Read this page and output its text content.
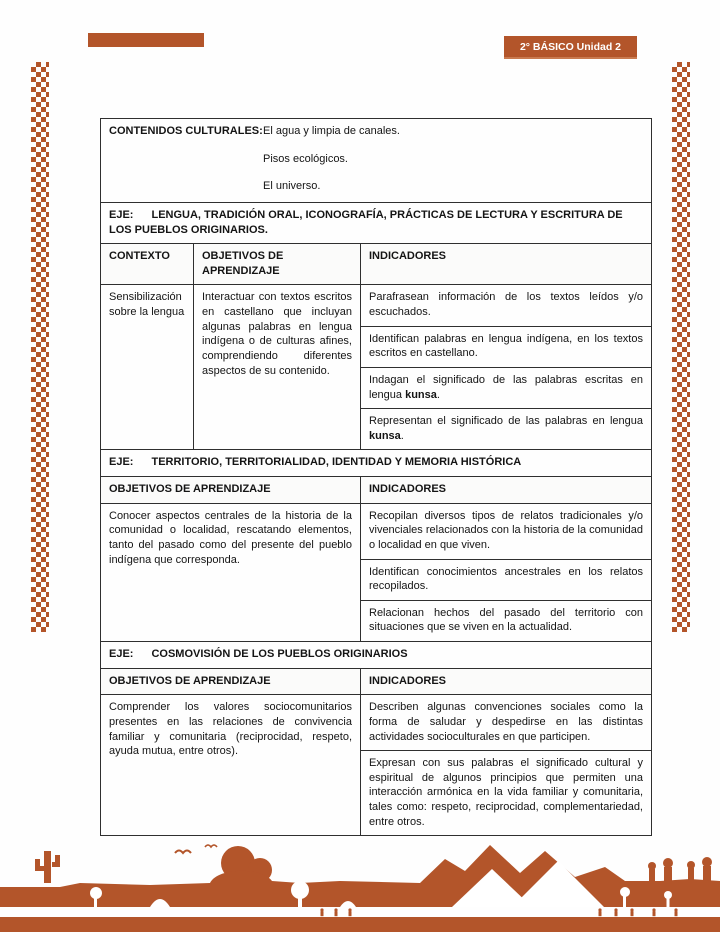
2° BÁSICO Unidad 2
CONTENIDOS CULTURALES: El agua y limpia de canales.
Pisos ecológicos.
El universo.		

EJE: LENGUA, TRADICIÓN ORAL, ICONOGRAFÍA, PRÁCTICAS DE LECTURA Y ESCRITURA DE LOS PUEBLOS ORIGINARIOS.		
CONTEXTO	OBJETIVOS DE APRENDIZAJE	INDICADORES
Sensibilización sobre la lengua	Interactuar con textos escritos en castellano que incluyan algunas palabras en lengua indígena o de culturas afines, comprendiendo diferentes aspectos de su contenido.	Parafrasean información de los textos leídos y/o escuchados.
		Identifican palabras en lengua indígena, en los textos escritos en castellano.
		Indagan el significado de las palabras escritas en lengua kunsa.
		Representan el significado de las palabras en lengua kunsa.
EJE: TERRITORIO, TERRITORIALIDAD, IDENTIDAD Y MEMORIA HISTÓRICA		
OBJETIVOS DE APRENDIZAJE		INDICADORES
Conocer aspectos centrales de la historia de la comunidad o localidad, rescatando elementos, tanto del pasado como del presente del pueblo indígena que corresponda.		Recopilan diversos tipos de relatos tradicionales y/o vivenciales relacionados con la historia de la comunidad o localidad en que viven.
		Identifican conocimientos ancestrales en los relatos recopilados.
		Relacionan hechos del pasado del territorio con situaciones que se viven en la actualidad.
EJE: COSMOVISIÓN DE LOS PUEBLOS ORIGINARIOS		
OBJETIVOS DE APRENDIZAJE		INDICADORES
Comprender los valores sociocomunitarios presentes en las relaciones de convivencia familiar y comunitaria (reciprocidad, respeto, ayuda mutua, entre otros).		Describen algunas convenciones sociales como la forma de saludar y despedirse en las distintas actividades socioculturales en que participen.
		Expresan con sus palabras el significado cultural y espiritual de algunos principios que permiten una interacción armónica en la vida familiar y comunitaria, tales como: respeto, reciprocidad, complementariedad, entre otros.
